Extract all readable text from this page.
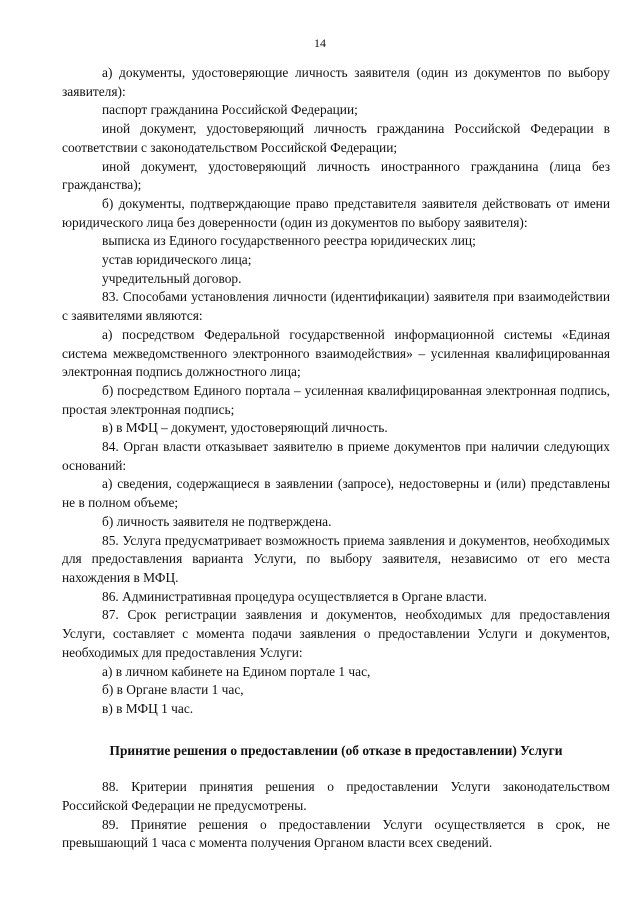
14

а) документы, удостоверяющие личность заявителя (один из документов по выбору заявителя):

паспорт гражданина Российской Федерации;

иной документ, удостоверяющий личность гражданина Российской Федерации в соответствии с законодательством Российской Федерации;

иной документ, удостоверяющий личность иностранного гражданина (лица без гражданства);

б) документы, подтверждающие право представителя заявителя действовать от имени юридического лица без доверенности (один из документов по выбору заявителя):

выписка из Единого государственного реестра юридических лиц;

устав юридического лица;

учредительный договор.

83. Способами установления личности (идентификации) заявителя при взаимодействии с заявителями являются:

а) посредством Федеральной государственной информационной системы «Единая система межведомственного электронного взаимодействия» – усиленная квалифицированная электронная подпись должностного лица;

б) посредством Единого портала – усиленная квалифицированная электронная подпись, простая электронная подпись;

в) в МФЦ – документ, удостоверяющий личность.

84. Орган власти отказывает заявителю в приеме документов при наличии следующих оснований:

а) сведения, содержащиеся в заявлении (запросе), недостоверны и (или) представлены не в полном объеме;

б) личность заявителя не подтверждена.

85. Услуга предусматривает возможность приема заявления и документов, необходимых для предоставления варианта Услуги, по выбору заявителя, независимо от его места нахождения в МФЦ.

86. Административная процедура осуществляется в Органе власти.

87. Срок регистрации заявления и документов, необходимых для предоставления Услуги, составляет с момента подачи заявления о предоставлении Услуги и документов, необходимых для предоставления Услуги:

а) в личном кабинете на Едином портале 1 час,

б) в Органе власти 1 час,

в) в МФЦ 1 час.

Принятие решения о предоставлении (об отказе в предоставлении) Услуги

88. Критерии принятия решения о предоставлении Услуги законодательством Российской Федерации не предусмотрены.

89. Принятие решения о предоставлении Услуги осуществляется в срок, не превышающий 1 часа с момента получения Органом власти всех сведений.
